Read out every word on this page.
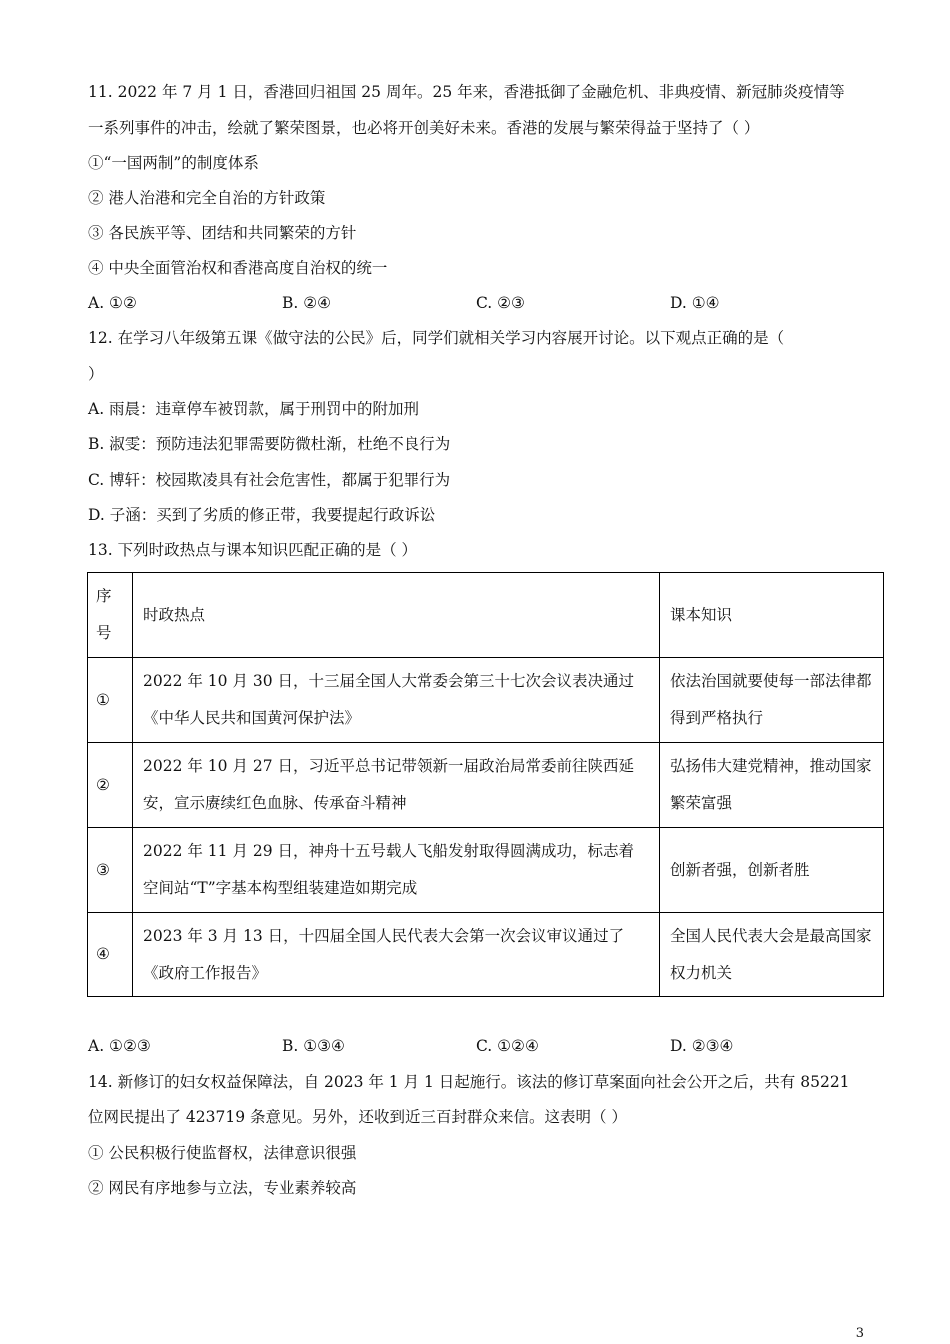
11. 2022 年 7 月 1 日，香港回归祖国 25 周年。25 年来，香港抵御了金融危机、非典疫情、新冠肺炎疫情等
一系列事件的冲击，绘就了繁荣图景，也必将开创美好未来。香港的发展与繁荣得益于坚持了（ ）
①“一国两制”的制度体系
② 港人治港和完全自治的方针政策
③ 各民族平等、团结和共同繁荣的方针
④ 中央全面管治权和香港高度自治权的统一
A. ①②	B. ②④	C. ②③	D. ①④
12. 在学习八年级第五课《做守法的公民》后，同学们就相关学习内容展开讨论。以下观点正确的是（
）
A. 雨晨：违章停车被罚款，属于刑罚中的附加刑
B. 淑雯：预防违法犯罪需要防微杜渐，杜绝不良行为
C. 博轩：校园欺凌具有社会危害性，都属于犯罪行为
D. 子涵：买到了劣质的修正带，我要提起行政诉讼
13. 下列时政热点与课本知识匹配正确的是（ ）
序号	时政热点	课本知识
①	2022 年 10 月 30 日，十三届全国人大常委会第三十七次会议表决通过《中华人民共和国黄河保护法》	依法治国就要使每一部法律都得到严格执行
②	2022 年 10 月 27 日，习近平总书记带领新一届政治局常委前往陕西延安，宣示赓续红色血脉、传承奋斗精神	弘扬伟大建党精神，推动国家繁荣富强
③	2022 年 11 月 29 日，神舟十五号载人飞船发射取得圆满成功，标志着空间站“T”字基本构型组装建造如期完成	创新者强，创新者胜
④	2023 年 3 月 13 日，十四届全国人民代表大会第一次会议审议通过了《政府工作报告》	全国人民代表大会是最高国家权力机关
A. ①②③	B. ①③④	C. ①②④	D. ②③④
14. 新修订的妇女权益保障法，自 2023 年 1 月 1 日起施行。该法的修订草案面向社会公开之后，共有 85221
位网民提出了 423719 条意见。另外，还收到近三百封群众来信。这表明（ ）
① 公民积极行使监督权，法律意识很强
② 网民有序地参与立法，专业素养较高
3
